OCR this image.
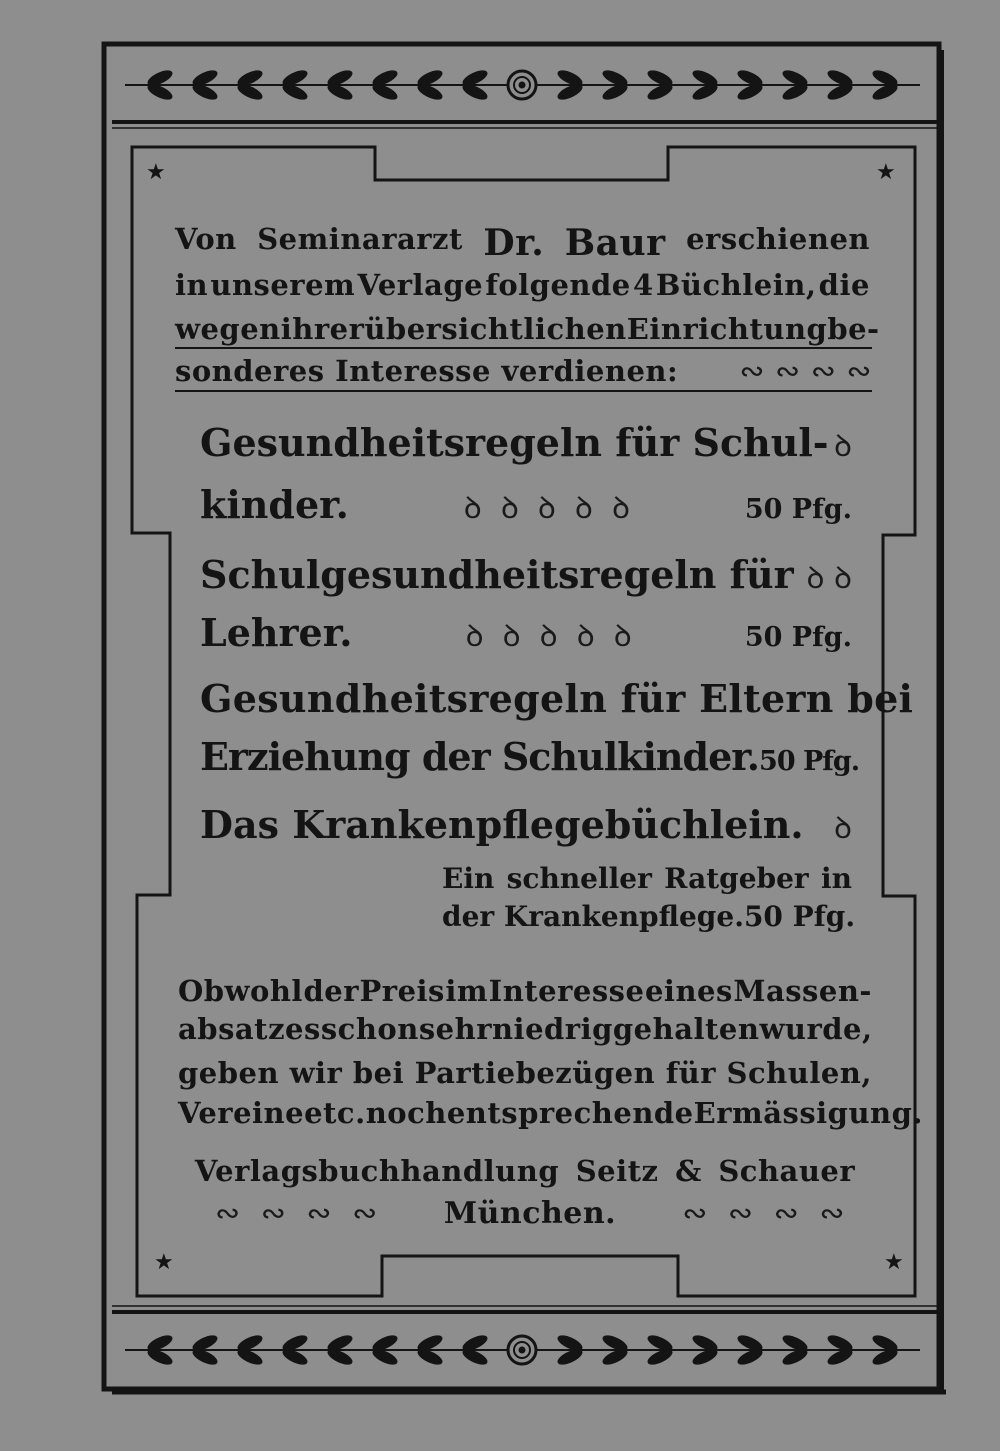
★	★
★	★
Von Seminararzt Dr. Baur erschienen
in unserem Verlage folgende 4 Büchlein, die
wegen ihrer übersichtlichen Einrichtung be-
sonderes Interesse verdienen: ∾ ∾ ∾ ∾
Gesundheitsregeln für Schul- ꝺ
kinder.	ꝺ  ꝺ  ꝺ  ꝺ  ꝺ	50 Pfg.
Schulgesundheitsregeln für ꝺ ꝺ
Lehrer.	ꝺ  ꝺ  ꝺ  ꝺ  ꝺ	50 Pfg.
Gesundheitsregeln für Eltern bei
Erziehung der Schulkinder. 50 Pfg.
Das Krankenpflegebüchlein. ꝺ
Ein schneller Ratgeber in
der Krankenpflege. 50 Pfg.
Obwohl der Preis im Interesse eines Massen-
absatzes schon sehr niedrig gehalten wurde,
geben wir bei Partiebezügen für Schulen,
Vereine etc. noch entsprechende Ermässigung.
Verlagsbuchhandlung Seitz & Schauer
∾  ∾  ∾  ∾ München. ∾  ∾  ∾  ∾
